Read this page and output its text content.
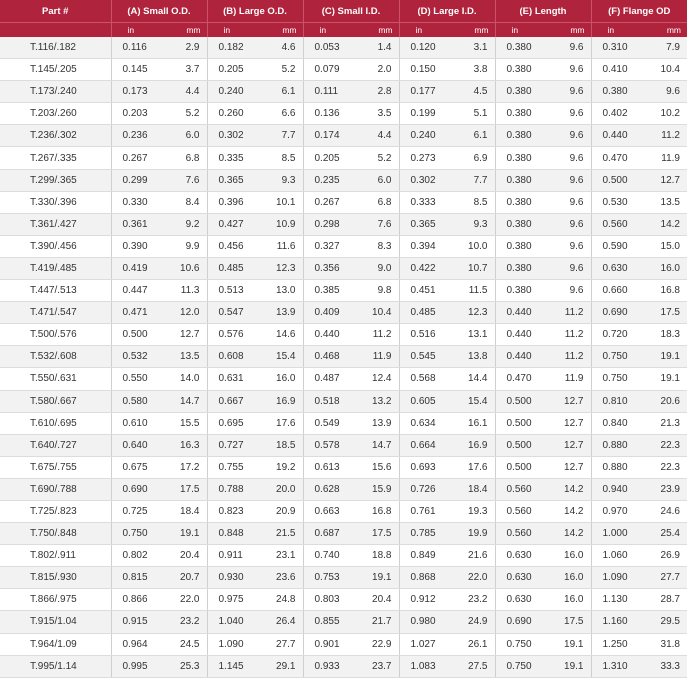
Part #	(A) Small O.D.		(B) Large O.D.		(C) Small I.D.		(D) Large I.D.		(E) Length		(F) Flange OD	
	in	mm	in	mm	in	mm	in	mm	in	mm	in	mm
T.116/.182	0.116	2.9	0.182	4.6	0.053	1.4	0.120	3.1	0.380	9.6	0.310	7.9
T.145/.205	0.145	3.7	0.205	5.2	0.079	2.0	0.150	3.8	0.380	9.6	0.410	10.4
T.173/.240	0.173	4.4	0.240	6.1	0.111	2.8	0.177	4.5	0.380	9.6	0.380	9.6
T.203/.260	0.203	5.2	0.260	6.6	0.136	3.5	0.199	5.1	0.380	9.6	0.402	10.2
T.236/.302	0.236	6.0	0.302	7.7	0.174	4.4	0.240	6.1	0.380	9.6	0.440	11.2
T.267/.335	0.267	6.8	0.335	8.5	0.205	5.2	0.273	6.9	0.380	9.6	0.470	11.9
T.299/.365	0.299	7.6	0.365	9.3	0.235	6.0	0.302	7.7	0.380	9.6	0.500	12.7
T.330/.396	0.330	8.4	0.396	10.1	0.267	6.8	0.333	8.5	0.380	9.6	0.530	13.5
T.361/.427	0.361	9.2	0.427	10.9	0.298	7.6	0.365	9.3	0.380	9.6	0.560	14.2
T.390/.456	0.390	9.9	0.456	11.6	0.327	8.3	0.394	10.0	0.380	9.6	0.590	15.0
T.419/.485	0.419	10.6	0.485	12.3	0.356	9.0	0.422	10.7	0.380	9.6	0.630	16.0
T.447/.513	0.447	11.3	0.513	13.0	0.385	9.8	0.451	11.5	0.380	9.6	0.660	16.8
T.471/.547	0.471	12.0	0.547	13.9	0.409	10.4	0.485	12.3	0.440	11.2	0.690	17.5
T.500/.576	0.500	12.7	0.576	14.6	0.440	11.2	0.516	13.1	0.440	11.2	0.720	18.3
T.532/.608	0.532	13.5	0.608	15.4	0.468	11.9	0.545	13.8	0.440	11.2	0.750	19.1
T.550/.631	0.550	14.0	0.631	16.0	0.487	12.4	0.568	14.4	0.470	11.9	0.750	19.1
T.580/.667	0.580	14.7	0.667	16.9	0.518	13.2	0.605	15.4	0.500	12.7	0.810	20.6
T.610/.695	0.610	15.5	0.695	17.6	0.549	13.9	0.634	16.1	0.500	12.7	0.840	21.3
T.640/.727	0.640	16.3	0.727	18.5	0.578	14.7	0.664	16.9	0.500	12.7	0.880	22.3
T.675/.755	0.675	17.2	0.755	19.2	0.613	15.6	0.693	17.6	0.500	12.7	0.880	22.3
T.690/.788	0.690	17.5	0.788	20.0	0.628	15.9	0.726	18.4	0.560	14.2	0.940	23.9
T.725/.823	0.725	18.4	0.823	20.9	0.663	16.8	0.761	19.3	0.560	14.2	0.970	24.6
T.750/.848	0.750	19.1	0.848	21.5	0.687	17.5	0.785	19.9	0.560	14.2	1.000	25.4
T.802/.911	0.802	20.4	0.911	23.1	0.740	18.8	0.849	21.6	0.630	16.0	1.060	26.9
T.815/.930	0.815	20.7	0.930	23.6	0.753	19.1	0.868	22.0	0.630	16.0	1.090	27.7
T.866/.975	0.866	22.0	0.975	24.8	0.803	20.4	0.912	23.2	0.630	16.0	1.130	28.7
T.915/1.04	0.915	23.2	1.040	26.4	0.855	21.7	0.980	24.9	0.690	17.5	1.160	29.5
T.964/1.09	0.964	24.5	1.090	27.7	0.901	22.9	1.027	26.1	0.750	19.1	1.250	31.8
T.995/1.14	0.995	25.3	1.145	29.1	0.933	23.7	1.083	27.5	0.750	19.1	1.310	33.3
